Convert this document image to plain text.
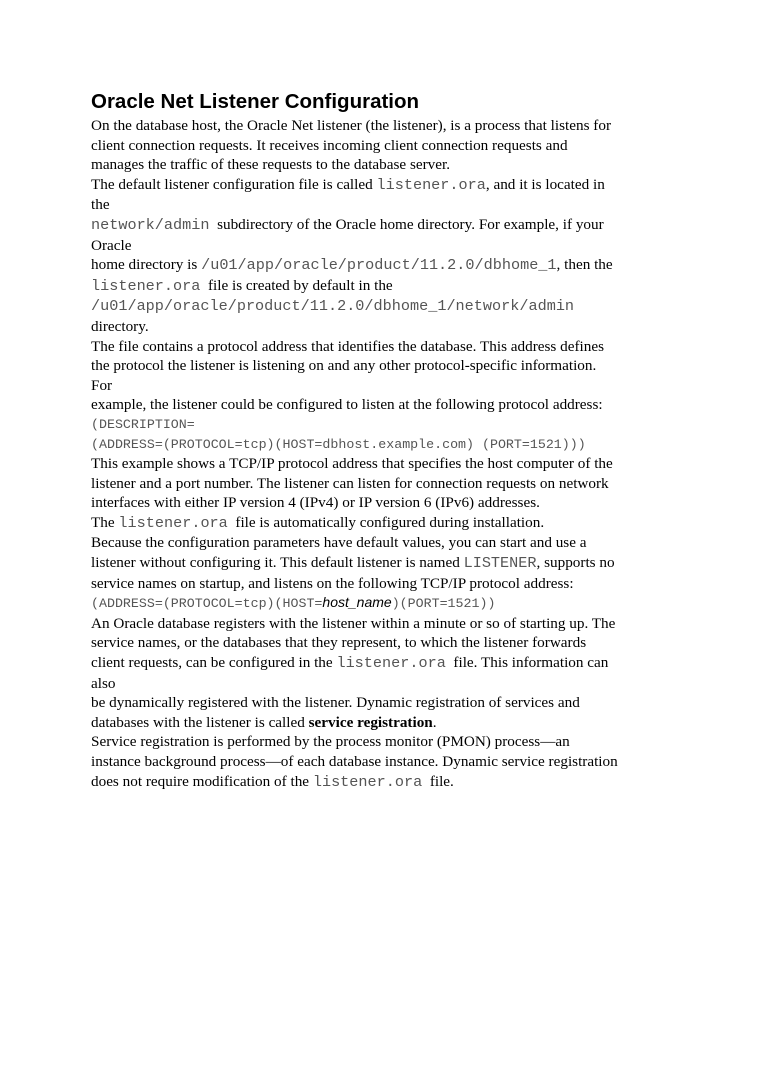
Oracle Net Listener Configuration
On the database host, the Oracle Net listener (the listener), is a process that listens for
client connection requests. It receives incoming client connection requests and
manages the traffic of these requests to the database server.
The default listener configuration file is called listener.ora, and it is located in
the
network/admin  subdirectory of the Oracle home directory. For example, if your
Oracle
home directory is /u01/app/oracle/product/11.2.0/dbhome_1, then the
listener.ora  file is created by default in the
/u01/app/oracle/product/11.2.0/dbhome_1/network/admin
directory.
The file contains a protocol address that identifies the database. This address defines
the protocol the listener is listening on and any other protocol-specific information.
For
example, the listener could be configured to listen at the following protocol address:
(DESCRIPTION=
(ADDRESS=(PROTOCOL=tcp)(HOST=dbhost.example.com) (PORT=1521)))
This example shows a TCP/IP protocol address that specifies the host computer of the
listener and a port number. The listener can listen for connection requests on network
interfaces with either IP version 4 (IPv4) or IP version 6 (IPv6) addresses.
The listener.ora  file is automatically configured during installation.
Because the configuration parameters have default values, you can start and use a
listener without configuring it. This default listener is named LISTENER, supports no
service names on startup, and listens on the following TCP/IP protocol address:
(ADDRESS=(PROTOCOL=tcp)(HOST=host_name)(PORT=1521))
An Oracle database registers with the listener within a minute or so of starting up. The
service names, or the databases that they represent, to which the listener forwards
client requests, can be configured in the listener.ora  file. This information can
also
be dynamically registered with the listener. Dynamic registration of services and
databases with the listener is called service registration.
Service registration is performed by the process monitor (PMON) process—an
instance background process—of each database instance. Dynamic service registration
does not require modification of the listener.ora  file.
